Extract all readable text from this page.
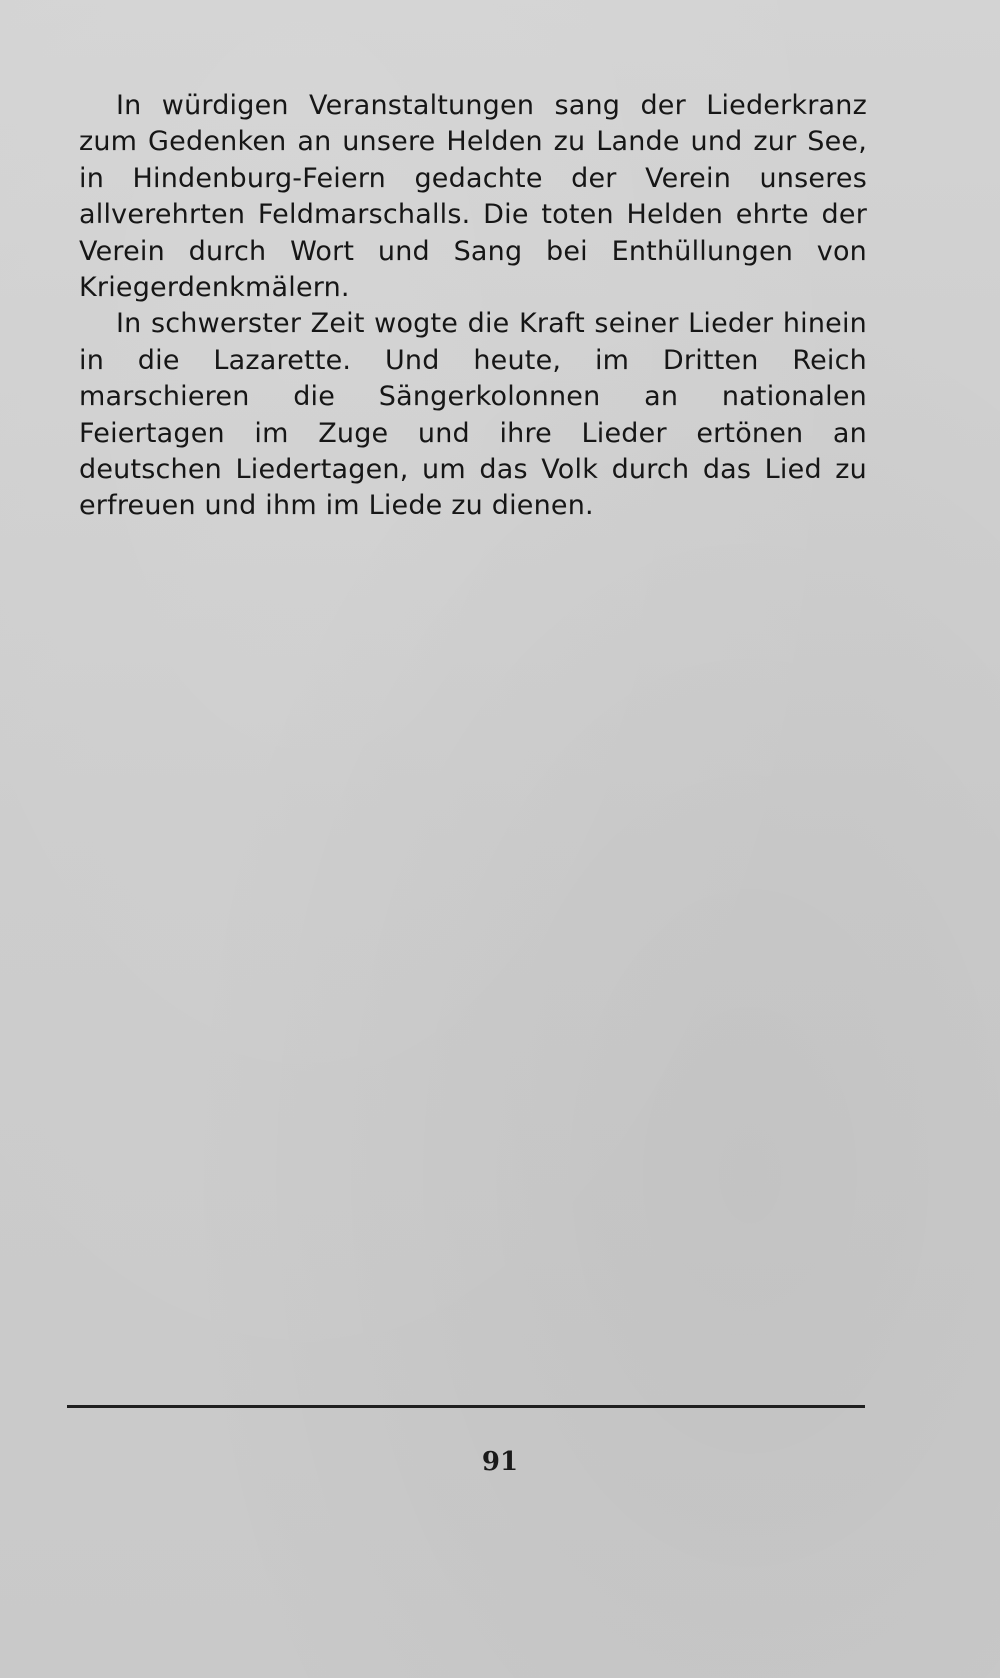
In würdigen Veranstaltungen sang der Liederkranz zum Gedenken an unsere Helden zu Lande und zur See, in Hindenburg-Feiern gedachte der Verein unseres allverehrten Feldmarschalls. Die toten Helden ehrte der Verein durch Wort und Sang bei Enthüllungen von Kriegerdenkmälern.

In schwerster Zeit wogte die Kraft seiner Lieder hinein in die Lazarette. Und heute, im Dritten Reich marschieren die Sängerkolonnen an nationalen Feiertagen im Zuge und ihre Lieder ertönen an deutschen Liedertagen, um das Volk durch das Lied zu erfreuen und ihm im Liede zu dienen.

91
